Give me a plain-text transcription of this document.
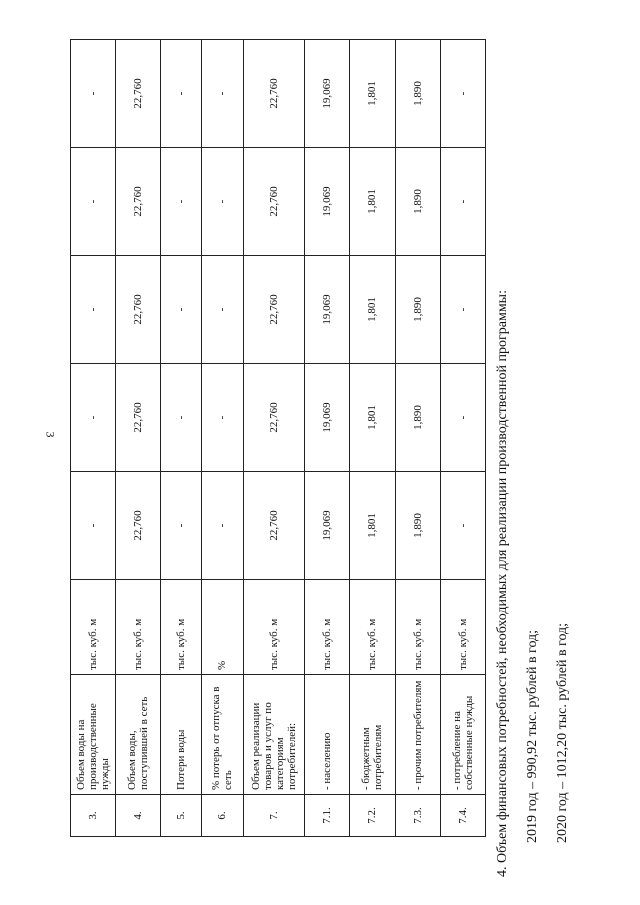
3
3.	Объем воды на производственные нужды	тыс. куб. м	-	-	-	-	-
4.	Объем воды, поступившей в сеть	тыс. куб. м	22,760	22,760	22,760	22,760	22,760
5.	Потери воды	тыс. куб. м	-	-	-	-	-
6.	% потерь от отпуска в сеть	%	-	-	-	-	-
7.	Объем реализации товаров и услуг по категориям потребителей:	тыс. куб. м	22,760	22,760	22,760	22,760	22,760
7.1.	- населению	тыс. куб. м	19,069	19,069	19,069	19,069	19,069
7.2.	- бюджетным потребителям	тыс. куб. м	1,801	1,801	1,801	1,801	1,801
7.3.	- прочим потребителям	тыс. куб. м	1,890	1,890	1,890	1,890	1,890
7.4.	- потребление на собственные нужды	тыс. куб. м	-	-	-	-	-

4. Объем финансовых потребностей, необходимых для реализации производственной программы:	2019 год – 990,92 тыс. рублей в год;	2020 год – 1012,20 тыс. рублей в год;
